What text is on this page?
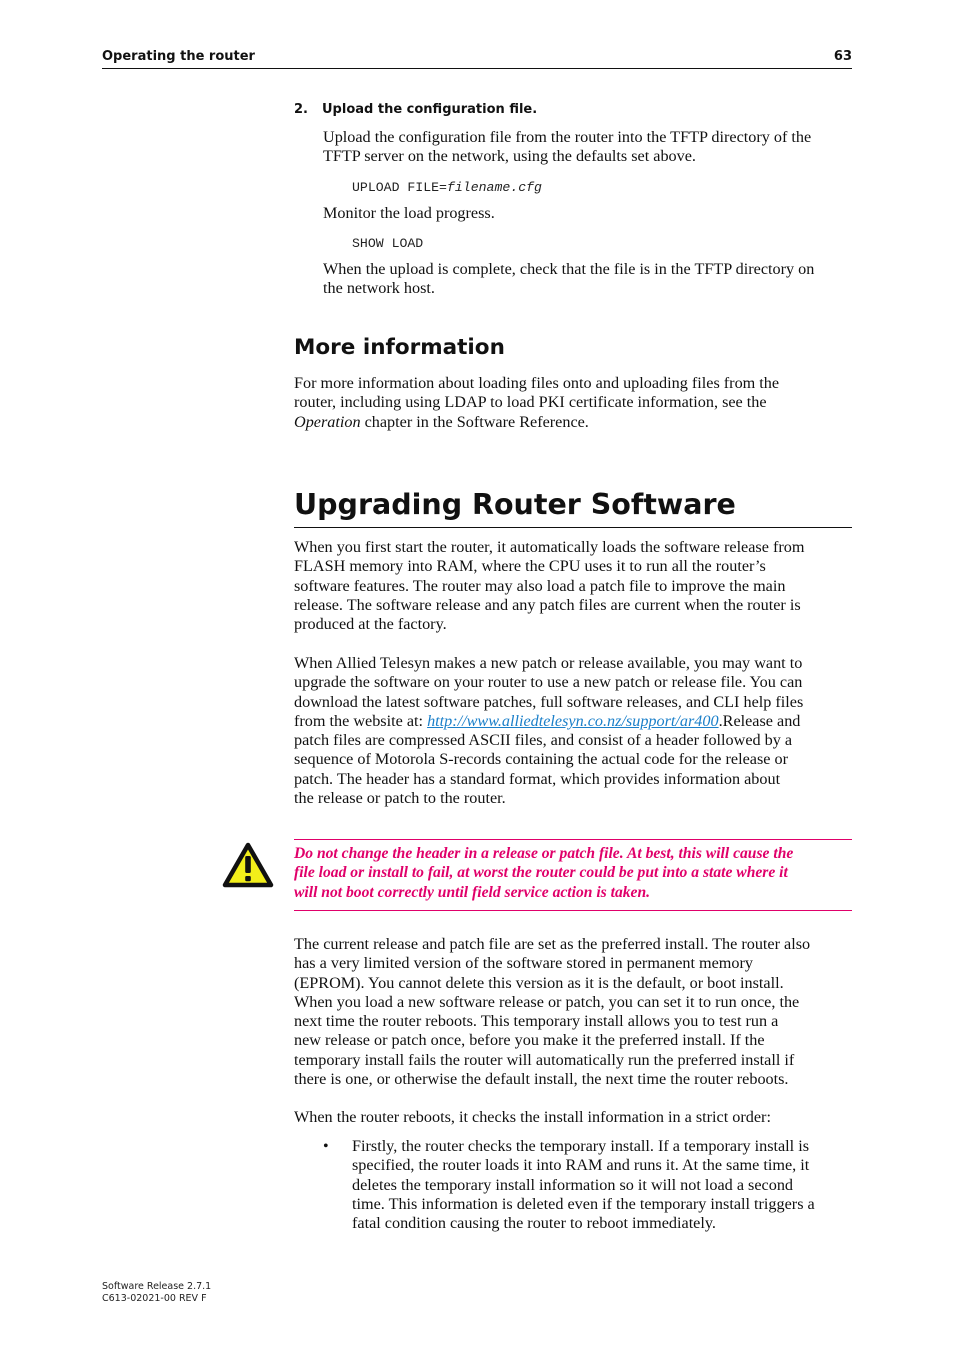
Operating the router	63
2. Upload the configuration file.
Upload the configuration file from the router into the TFTP directory of the
TFTP server on the network, using the defaults set above.
UPLOAD FILE=filename.cfg
Monitor the load progress.
SHOW LOAD
When the upload is complete, check that the file is in the TFTP directory on
the network host.
More information
For more information about loading files onto and uploading files from the
router, including using LDAP to load PKI certificate information, see the
Operation chapter in the Software Reference.
Upgrading Router Software
When you first start the router, it automatically loads the software release from
FLASH memory into RAM, where the CPU uses it to run all the router’s
software features. The router may also load a patch file to improve the main
release. The software release and any patch files are current when the router is
produced at the factory.
When Allied Telesyn makes a new patch or release available, you may want to
upgrade the software on your router to use a new patch or release file. You can
download the latest software patches, full software releases, and CLI help files
from the website at: http://www.alliedtelesyn.co.nz/support/ar400.Release and
patch files are compressed ASCII files, and consist of a header followed by a
sequence of Motorola S-records containing the actual code for the release or
patch. The header has a standard format, which provides information about
the release or patch to the router.
Do not change the header in a release or patch file. At best, this will cause the
file load or install to fail, at worst the router could be put into a state where it
will not boot correctly until field service action is taken.
The current release and patch file are set as the preferred install. The router also
has a very limited version of the software stored in permanent memory
(EPROM). You cannot delete this version as it is the default, or boot install.
When you load a new software release or patch, you can set it to run once, the
next time the router reboots. This temporary install allows you to test run a
new release or patch once, before you make it the preferred install. If the
temporary install fails the router will automatically run the preferred install if
there is one, or otherwise the default install, the next time the router reboots.
When the router reboots, it checks the install information in a strict order:
• Firstly, the router checks the temporary install. If a temporary install is
specified, the router loads it into RAM and runs it. At the same time, it
deletes the temporary install information so it will not load a second
time. This information is deleted even if the temporary install triggers a
fatal condition causing the router to reboot immediately.
Software Release 2.7.1
C613-02021-00 REV F
